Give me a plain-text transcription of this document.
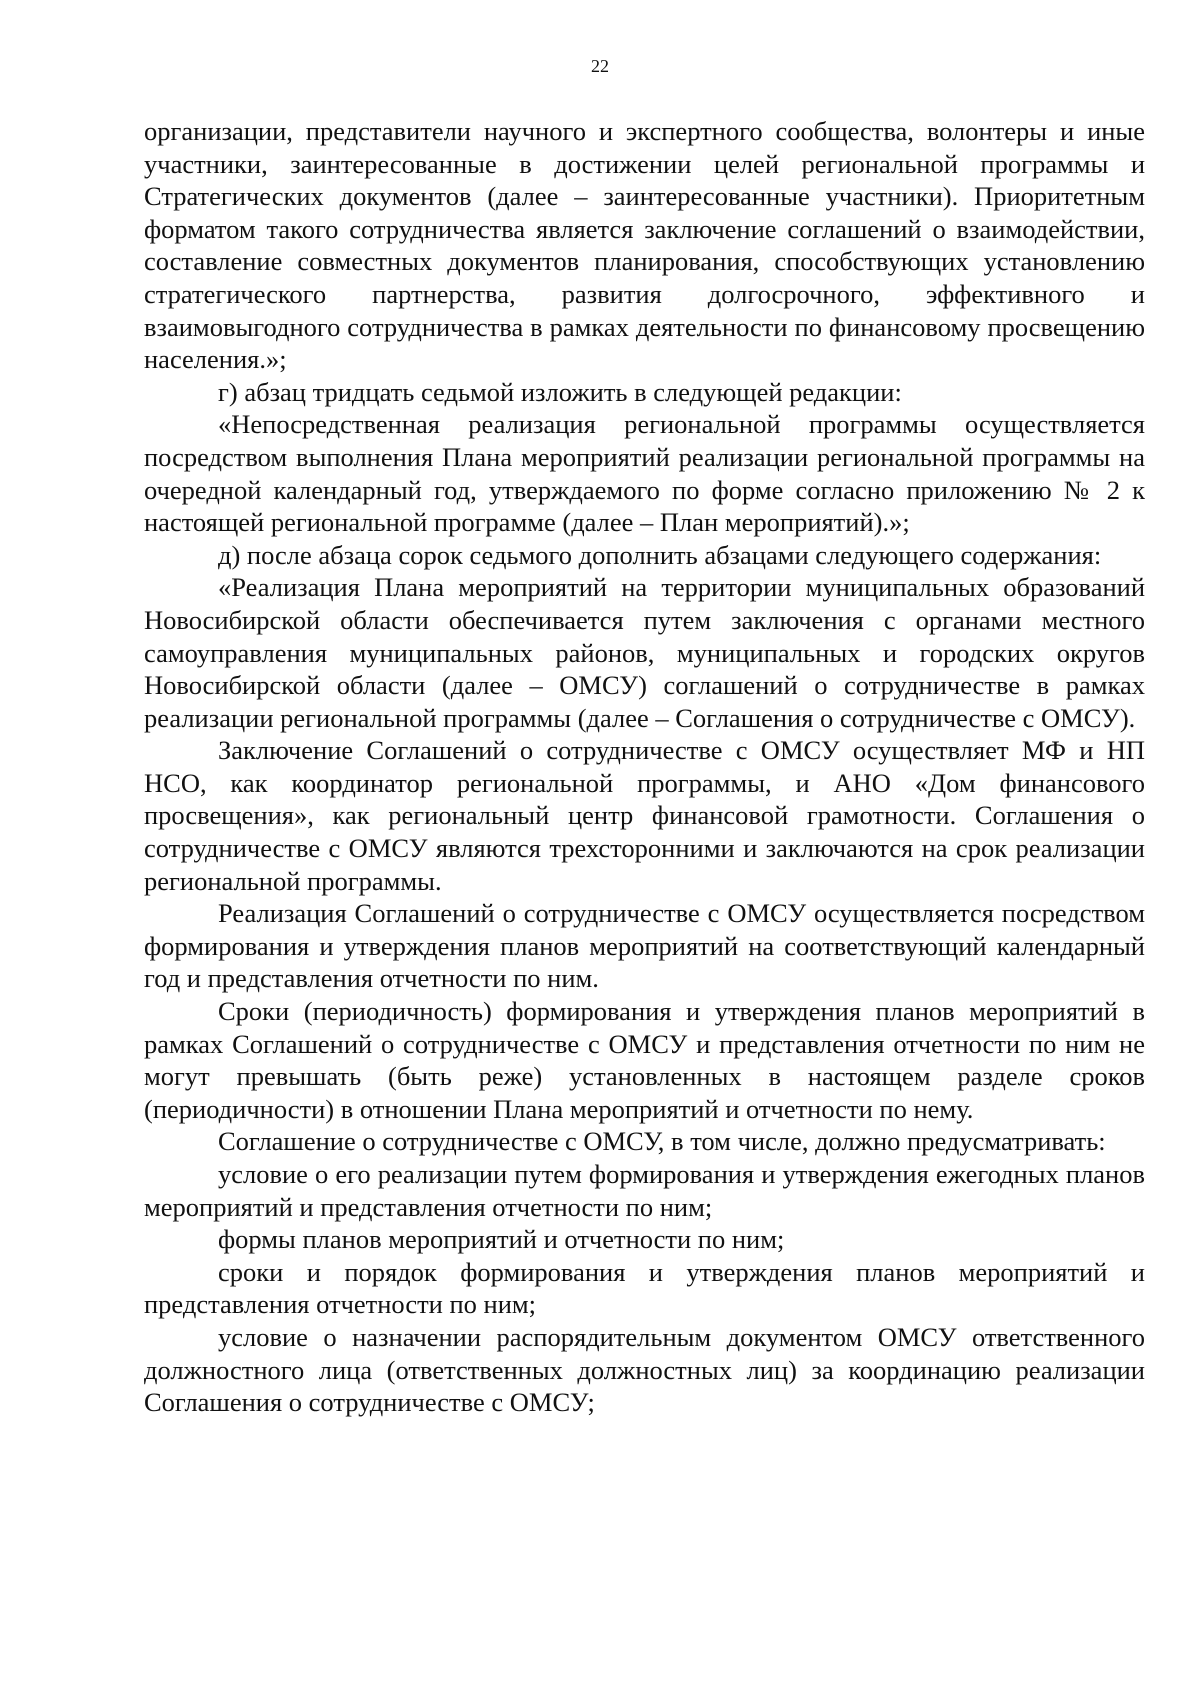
22

организации, представители научного и экспертного сообщества, волонтеры и иные участники, заинтересованные в достижении целей региональной программы и Стратегических документов (далее – заинтересованные участники). Приоритетным форматом такого сотрудничества является заключение соглашений о взаимодействии, составление совместных документов планирования, способствующих установлению стратегического партнерства, развития долгосрочного, эффективного и взаимовыгодного сотрудничества в рамках деятельности по финансовому просвещению населения.»;

г) абзац тридцать седьмой изложить в следующей редакции:

«Непосредственная реализация региональной программы осуществляется посредством выполнения Плана мероприятий реализации региональной программы на очередной календарный год, утверждаемого по форме согласно приложению № 2 к настоящей региональной программе (далее – План мероприятий).»;

д) после абзаца сорок седьмого дополнить абзацами следующего содержания:

«Реализация Плана мероприятий на территории муниципальных образований Новосибирской области обеспечивается путем заключения с органами местного самоуправления муниципальных районов, муниципальных и городских округов Новосибирской области (далее – ОМСУ) соглашений о сотрудничестве в рамках реализации региональной программы (далее – Соглашения о сотрудничестве с ОМСУ).

Заключение Соглашений о сотрудничестве с ОМСУ осуществляет МФ и НП НСО, как координатор региональной программы, и АНО «Дом финансового просвещения», как региональный центр финансовой грамотности. Соглашения о сотрудничестве с ОМСУ являются трехсторонними и заключаются на срок реализации региональной программы.

Реализация Соглашений о сотрудничестве с ОМСУ осуществляется посредством формирования и утверждения планов мероприятий на соответствующий календарный год и представления отчетности по ним.

Сроки (периодичность) формирования и утверждения планов мероприятий в рамках Соглашений о сотрудничестве с ОМСУ и представления отчетности по ним не могут превышать (быть реже) установленных в настоящем разделе сроков (периодичности) в отношении Плана мероприятий и отчетности по нему.

Соглашение о сотрудничестве с ОМСУ, в том числе, должно предусматривать:

условие о его реализации путем формирования и утверждения ежегодных планов мероприятий и представления отчетности по ним;

формы планов мероприятий и отчетности по ним;

сроки и порядок формирования и утверждения планов мероприятий и представления отчетности по ним;

условие о назначении распорядительным документом ОМСУ ответственного должностного лица (ответственных должностных лиц) за координацию реализации Соглашения о сотрудничестве с ОМСУ;
